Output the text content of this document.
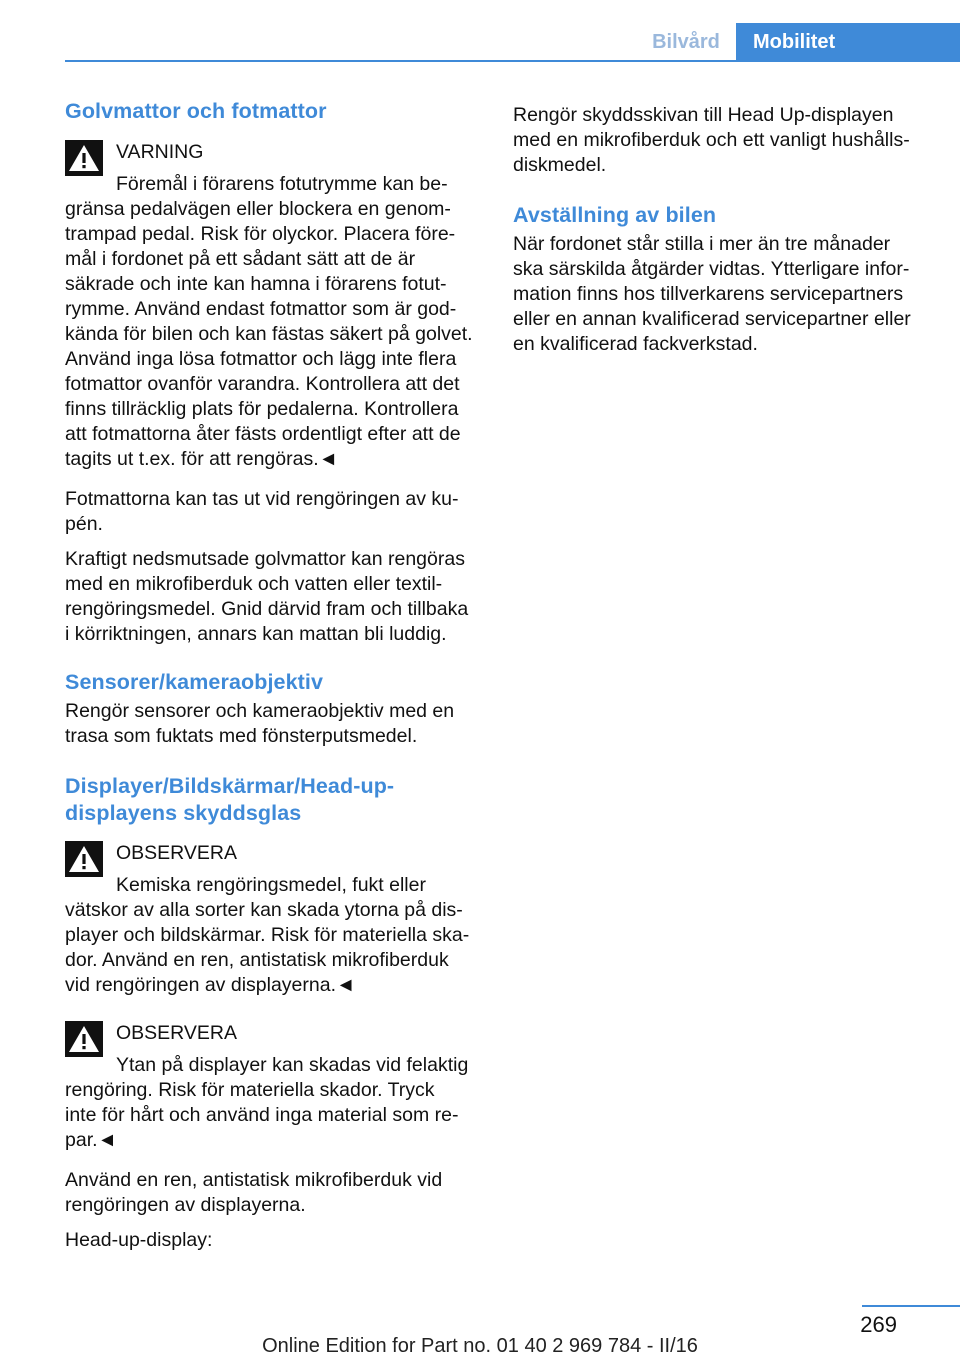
Bilvård	Mobilitet
Golvmattor och fotmattor

VARNING

Föremål i förarens fotutrymme kan be‐

gränsa pedalvägen eller blockera en genom‐

trampad pedal. Risk för olyckor. Placera före‐

mål i fordonet på ett sådant sätt att de är

säkrade och inte kan hamna i förarens fotut‐

rymme. Använd endast fotmattor som är god‐

kända för bilen och kan fästas säkert på golvet.

Använd inga lösa fotmattor och lägg inte flera

fotmattor ovanför varandra. Kontrollera att det

finns tillräcklig plats för pedalerna. Kontrollera

att fotmattorna åter fästs ordentligt efter att de

tagits ut t.ex. för att rengöras.◄

Fotmattorna kan tas ut vid rengöringen av ku‐

pén.

Kraftigt nedsmutsade golvmattor kan rengöras

med en mikrofiberduk och vatten eller textil‐

rengöringsmedel. Gnid därvid fram och tillbaka

i körriktningen, annars kan mattan bli luddig.

Sensorer/kameraobjektiv

Rengör sensorer och kameraobjektiv med en

trasa som fuktats med fönsterputsmedel.

Displayer/Bildskärmar/Head-up-
displayens skyddsglas

OBSERVERA

Kemiska rengöringsmedel, fukt eller

vätskor av alla sorter kan skada ytorna på dis‐

player och bildskärmar. Risk för materiella ska‐

dor. Använd en ren, antistatisk mikrofiberduk

vid rengöringen av displayerna.◄

OBSERVERA

Ytan på displayer kan skadas vid felaktig

rengöring. Risk för materiella skador. Tryck

inte för hårt och använd inga material som re‐

par.◄

Använd en ren, antistatisk mikrofiberduk vid

rengöringen av displayerna.

Head-up-display:

Rengör skyddsskivan till Head Up-displayen

med en mikrofiberduk och ett vanligt hushålls‐

diskmedel.

Avställning av bilen

När fordonet står stilla i mer än tre månader

ska särskilda åtgärder vidtas. Ytterligare infor‐

mation finns hos tillverkarens servicepartners

eller en annan kvalificerad servicepartner eller

en kvalificerad fackverkstad.

269
Online Edition for Part no. 01 40 2 969 784 - II/16
